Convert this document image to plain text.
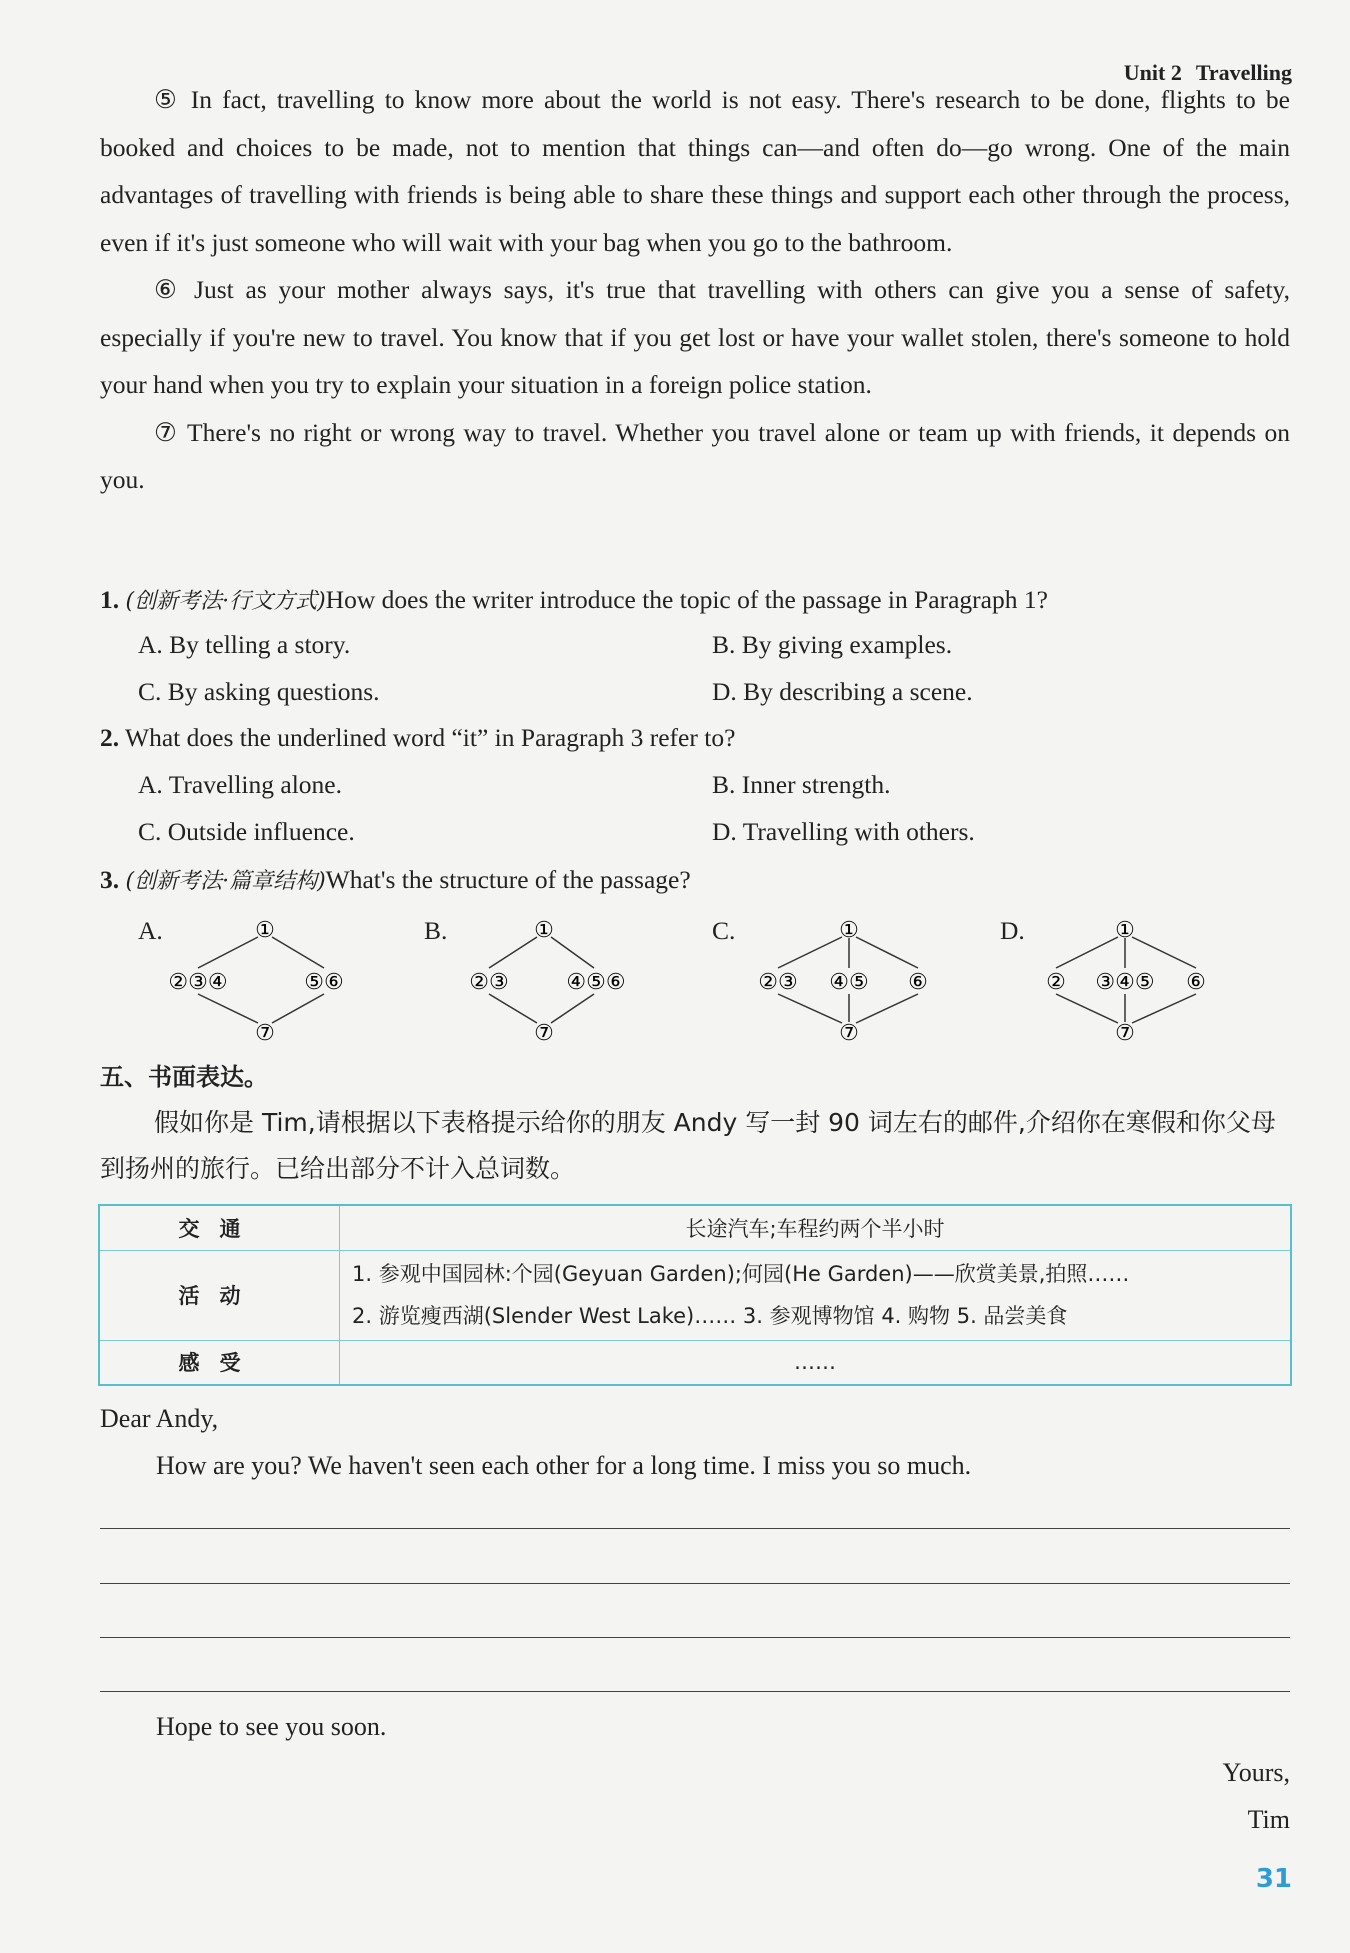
Unit 2 Travelling

⑤ In fact, travelling to know more about the world is not easy. There's research to be done, flights to be booked and choices to be made, not to mention that things can—and often do—go wrong. One of the main advantages of travelling with friends is being able to share these things and support each other through the process, even if it's just someone who will wait with your bag when you go to the bathroom.

⑥ Just as your mother always says, it's true that travelling with others can give you a sense of safety, especially if you're new to travel. You know that if you get lost or have your wallet stolen, there's someone to hold your hand when you try to explain your situation in a foreign police station.

⑦ There's no right or wrong way to travel. Whether you travel alone or team up with friends, it depends on you.

1. (创新考法·行文方式)How does the writer introduce the topic of the passage in Paragraph 1?
A. By telling a story.	B. By giving examples.
C. By asking questions.	D. By describing a scene.
2. What does the underlined word “it” in Paragraph 3 refer to?
A. Travelling alone.	B. Inner strength.
C. Outside influence.	D. Travelling with others.
3. (创新考法·篇章结构)What's the structure of the passage?
A.	①
②③④	⑤⑥
⑦
B.	①
②③	④⑤⑥
⑦
C.	①
②③ ④⑤ ⑥
⑦
D.	①
② ③④⑤ ⑥
⑦
五、书面表达。
假如你是 Tim,请根据以下表格提示给你的朋友 Andy 写一封 90 词左右的邮件,介绍你在寒假和你父母到扬州的旅行。已给出部分不计入总词数。
交通	长途汽车;车程约两个半小时
活动	1. 参观中国园林:个园(Geyuan Garden);何园(He Garden)——欣赏美景,拍照……
2. 游览瘦西湖(Slender West Lake)…… 3. 参观博物馆 4. 购物 5. 品尝美食

感受	……
Dear Andy,
How are you? We haven't seen each other for a long time. I miss you so much.
Hope to see you soon.
Yours,
Tim
31
